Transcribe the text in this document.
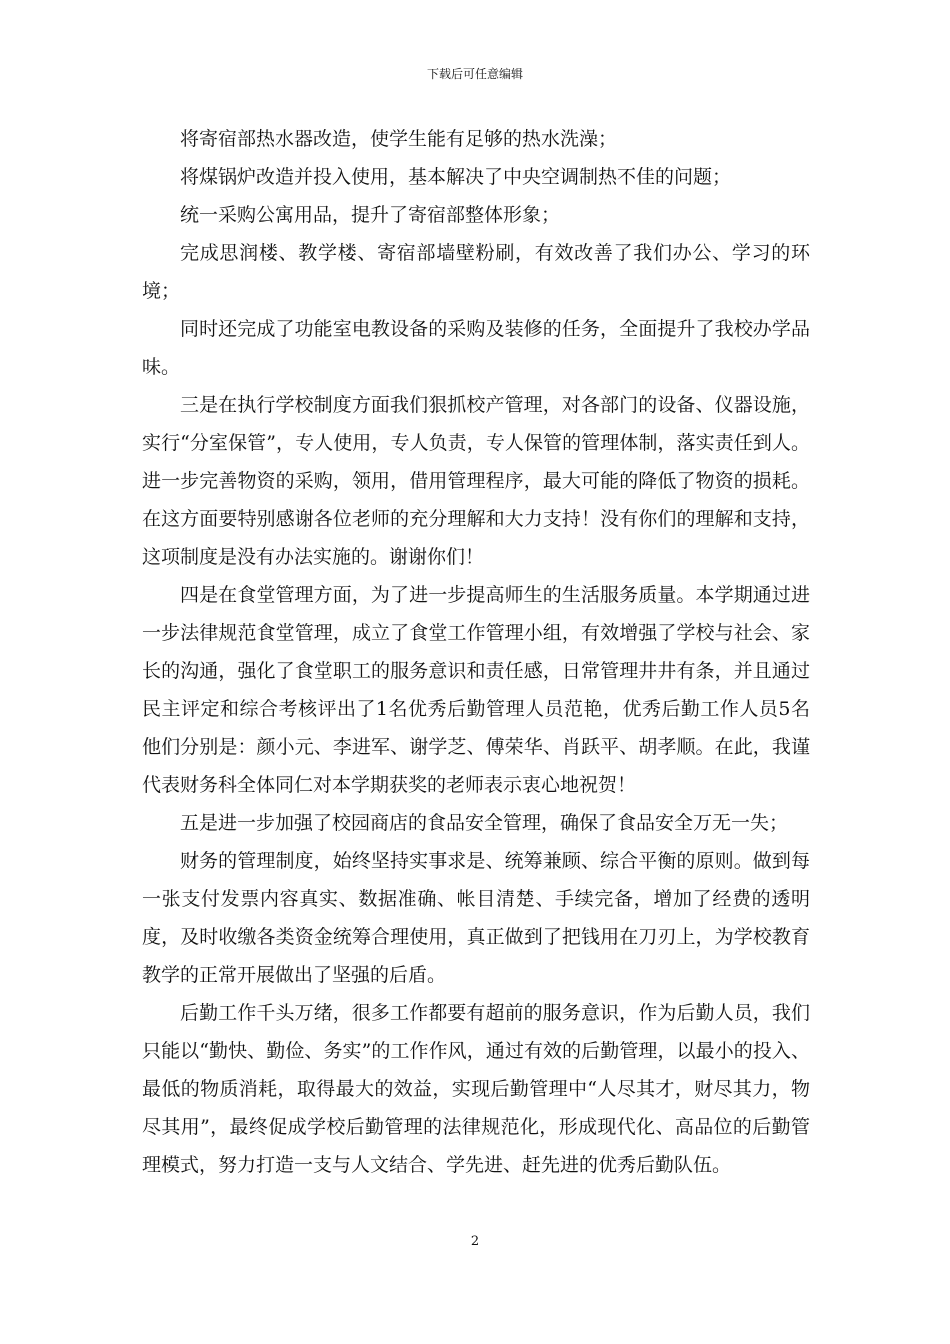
下载后可任意编辑

将寄宿部热水器改造，使学生能有足够的热水洗澡；

将煤锅炉改造并投入使用，基本解决了中央空调制热不佳的问题；

统一采购公寓用品，提升了寄宿部整体形象；

完成思润楼、教学楼、寄宿部墙壁粉刷，有效改善了我们办公、学习的环境；

同时还完成了功能室电教设备的采购及装修的任务，全面提升了我校办学品味。

三是在执行学校制度方面我们狠抓校产管理，对各部门的设备、仪器设施，实行“分室保管”，专人使用，专人负责，专人保管的管理体制，落实责任到人。进一步完善物资的采购，领用，借用管理程序，最大可能的降低了物资的损耗。在这方面要特别感谢各位老师的充分理解和大力支持！没有你们的理解和支持，这项制度是没有办法实施的。谢谢你们！

四是在食堂管理方面，为了进一步提高师生的生活服务质量。本学期通过进一步法律规范食堂管理，成立了食堂工作管理小组，有效增强了学校与社会、家长的沟通，强化了食堂职工的服务意识和责任感，日常管理井井有条，并且通过民主评定和综合考核评出了1名优秀后勤管理人员范艳，优秀后勤工作人员5名他们分别是：颜小元、李进军、谢学芝、傅荣华、肖跃平、胡孝顺。在此，我谨代表财务科全体同仁对本学期获奖的老师表示衷心地祝贺！

五是进一步加强了校园商店的食品安全管理，确保了食品安全万无一失；

财务的管理制度，始终坚持实事求是、统筹兼顾、综合平衡的原则。做到每一张支付发票内容真实、数据准确、帐目清楚、手续完备，增加了经费的透明度，及时收缴各类资金统筹合理使用，真正做到了把钱用在刀刃上，为学校教育教学的正常开展做出了坚强的后盾。

后勤工作千头万绪，很多工作都要有超前的服务意识，作为后勤人员，我们只能以“勤快、勤俭、务实”的工作作风，通过有效的后勤管理，以最小的投入、最低的物质消耗，取得最大的效益，实现后勤管理中“人尽其才，财尽其力，物尽其用”，最终促成学校后勤管理的法律规范化，形成现代化、高品位的后勤管理模式，努力打造一支与人文结合、学先进、赶先进的优秀后勤队伍。

2
